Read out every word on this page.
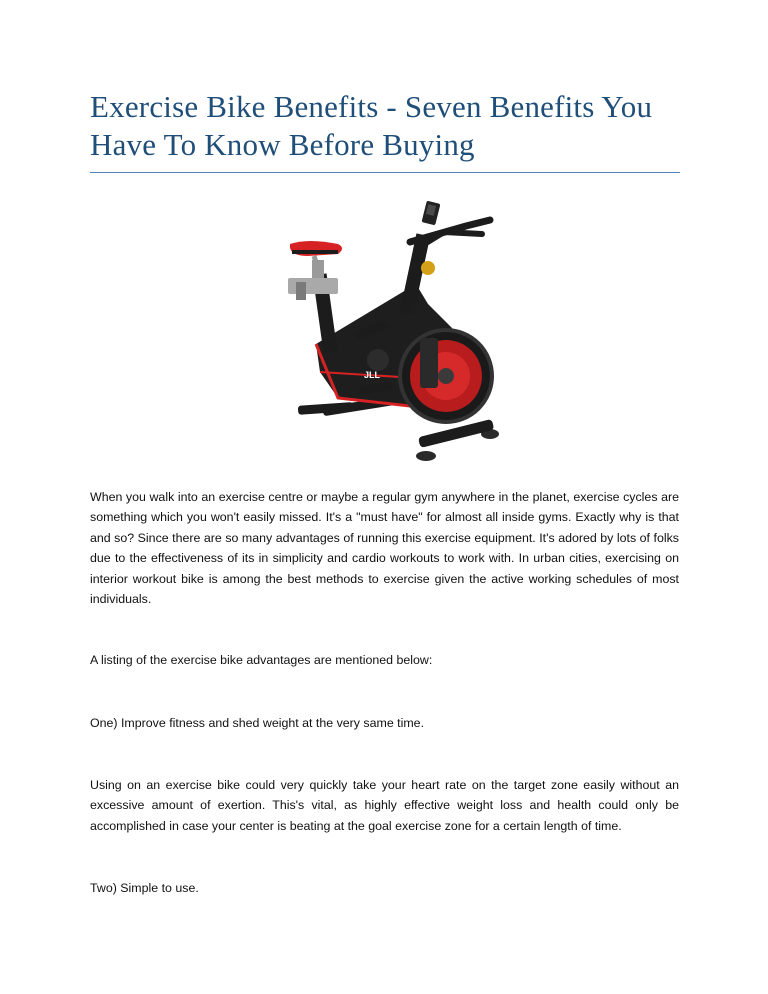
Exercise Bike Benefits - Seven Benefits You Have To Know Before Buying
JLL

When you walk into an exercise centre or maybe a regular gym anywhere in the planet, exercise cycles are something which you won't easily missed. It's a "must have" for almost all inside gyms. Exactly why is that and so? Since there are so many advantages of running this exercise equipment. It's adored by lots of folks due to the effectiveness of its in simplicity and cardio workouts to work with. In urban cities, exercising on interior workout bike is among the best methods to exercise given the active working schedules of most individuals.

A listing of the exercise bike advantages are mentioned below:

One) Improve fitness and shed weight at the very same time.

Using on an exercise bike could very quickly take your heart rate on the target zone easily without an excessive amount of exertion. This's vital, as highly effective weight loss and health could only be accomplished in case your center is beating at the goal exercise zone for a certain length of time.

Two) Simple to use.
